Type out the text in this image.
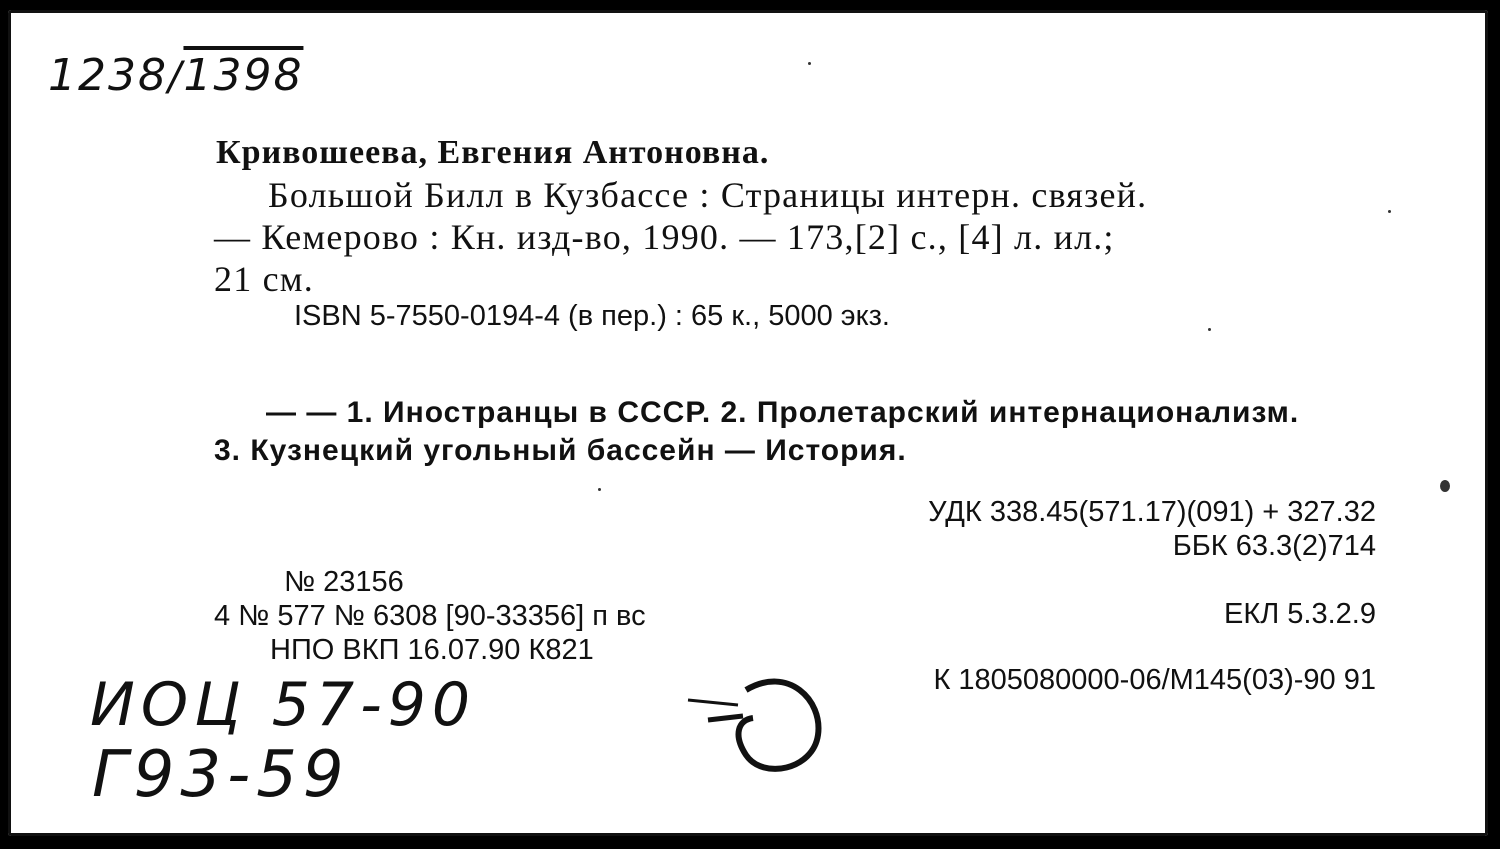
1238/1398
Кривошеева, Евгения Антоновна.
Большой Билл в Кузбассе : Страницы интерн. связей.
— Кемерово : Кн. изд-во, 1990. — 173,[2] с., [4] л. ил.;
21 см.
ISBN 5-7550-0194-4 (в пер.) : 65 к., 5000 экз.
— — 1. Иностранцы в СССР. 2. Пролетарский интернационализм.
3. Кузнецкий угольный бассейн — История.
УДК 338.45(571.17)(091) + 327.32
ББК 63.3(2)714
№ 23156
4 № 577 № 6308 [90-33356] п вс
НПО ВКП 16.07.90 К821
ЕКЛ 5.3.2.9
К 1805080000-06/М145(03)-90 91
ИОЦ 57-90
Г93-59
